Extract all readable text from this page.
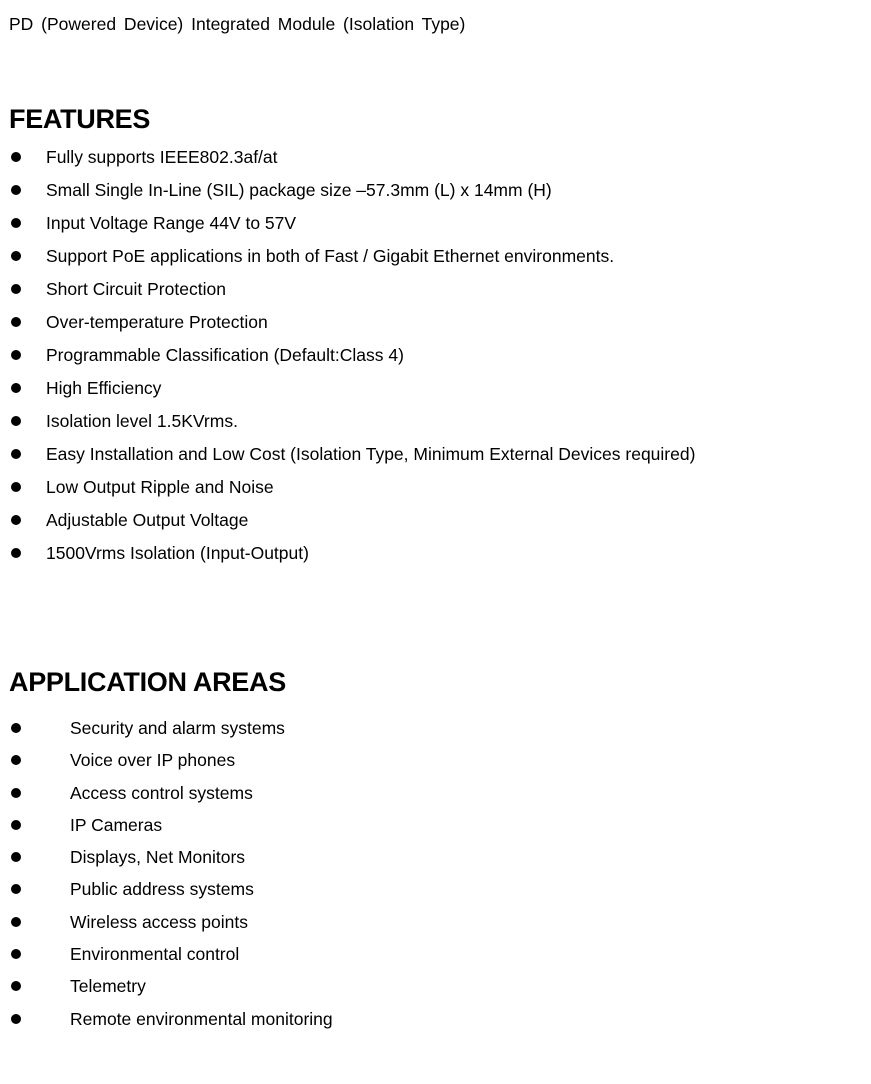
PD (Powered Device) Integrated Module (Isolation Type)
FEATURES
Fully supports IEEE802.3af/at
Small Single In-Line (SIL) package size –57.3mm (L) x 14mm (H)
Input Voltage Range 44V to 57V
Support PoE applications in both of Fast / Gigabit Ethernet environments.
Short Circuit Protection
Over-temperature Protection
Programmable Classification (Default:Class 4)
High Efficiency
Isolation level 1.5KVrms.
Easy Installation and Low Cost (Isolation Type, Minimum External Devices required)
Low Output Ripple and Noise
Adjustable Output Voltage
1500Vrms Isolation (Input-Output)
APPLICATION AREAS
Security and alarm systems
Voice over IP phones
Access control systems
IP Cameras
Displays, Net Monitors
Public address systems
Wireless access points
Environmental control
Telemetry
Remote environmental monitoring
